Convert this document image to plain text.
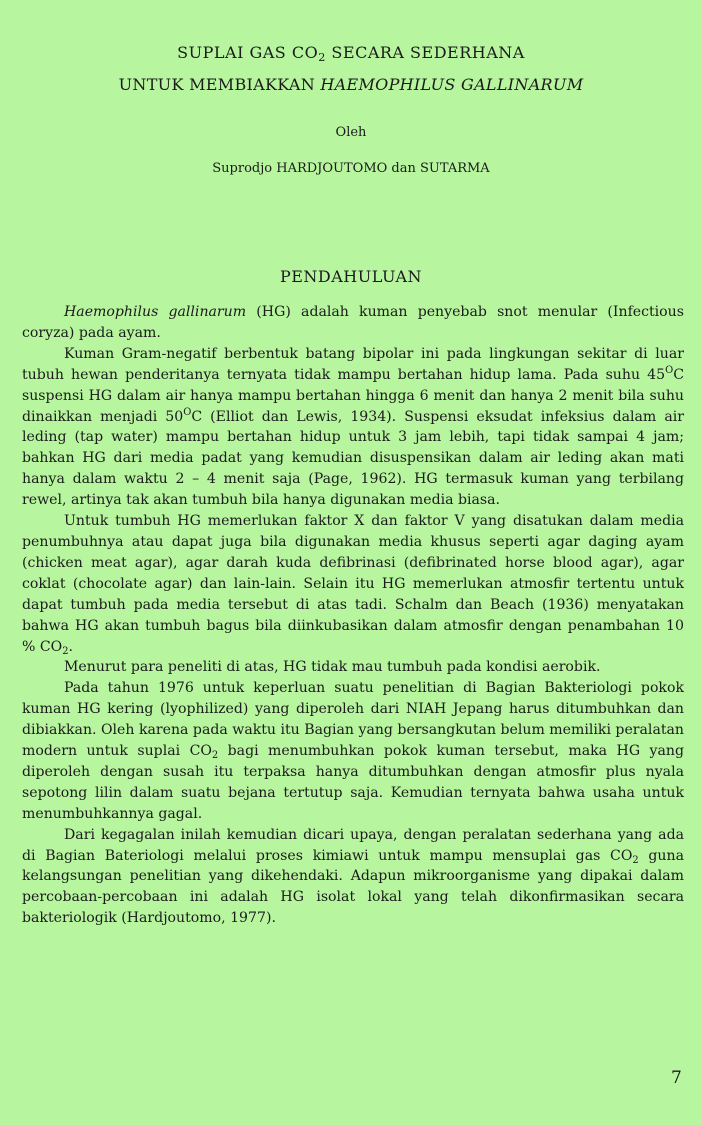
SUPLAI GAS $CO_2$ SECARA SEDERHANA
UNTUK MEMBIAKKAN HAEMOPHILUS GALLINARUM
Oleh
Suprodjo HARDJOUTOMO dan SUTARMA
PENDAHULUAN

Haemophilus gallinarum (HG) adalah kuman penyebab snot menular (Infectious coryza) pada ayam.

Kuman Gram-negatif berbentuk batang bipolar ini pada lingkungan sekitar di luar tubuh hewan penderitanya ternyata tidak mampu bertahan hidup lama. Pada suhu $45^OC$ suspensi HG dalam air hanya mampu bertahan hingga 6 menit dan hanya 2 menit bila suhu dinaikkan menjadi $50^OC$ (Elliot dan Lewis, 1934). Suspensi eksudat infeksius dalam air leding (tap water) mampu bertahan hidup untuk 3 jam lebih, tapi tidak sampai 4 jam; bahkan HG dari media padat yang kemudian disuspensikan dalam air leding akan mati hanya dalam waktu 2 – 4 menit saja (Page, 1962). HG termasuk kuman yang terbilang rewel, artinya tak akan tumbuh bila hanya digunakan media biasa.

Untuk tumbuh HG memerlukan faktor X dan faktor V yang disatukan dalam media penumbuhnya atau dapat juga bila digunakan media khusus seperti agar daging ayam (chicken meat agar), agar darah kuda defibrinasi (defibrinated horse blood agar), agar coklat (chocolate agar) dan lain-lain. Selain itu HG memerlukan atmosfir tertentu untuk dapat tumbuh pada media tersebut di atas tadi. Schalm dan Beach (1936) menyatakan bahwa HG akan tumbuh bagus bila diinkubasikan dalam atmosfir dengan penambahan 10 % $CO_2$.

Menurut para peneliti di atas, HG tidak mau tumbuh pada kondisi aerobik.

Pada tahun 1976 untuk keperluan suatu penelitian di Bagian Bakteriologi pokok kuman HG kering (lyophilized) yang diperoleh dari NIAH Jepang harus ditumbuhkan dan dibiakkan. Oleh karena pada waktu itu Bagian yang bersangkutan belum memiliki peralatan modern untuk suplai $CO_2$ bagi menumbuhkan pokok kuman tersebut, maka HG yang diperoleh dengan susah itu terpaksa hanya ditumbuhkan dengan atmosfir plus nyala sepotong lilin dalam suatu bejana tertutup saja. Kemudian ternyata bahwa usaha untuk menumbuhkannya gagal.

Dari kegagalan inilah kemudian dicari upaya, dengan peralatan sederhana yang ada di Bagian Bateriologi melalui proses kimiawi untuk mampu mensuplai gas $CO_2$ guna kelangsungan penelitian yang dikehendaki. Adapun mikroorganisme yang dipakai dalam percobaan-percobaan ini adalah HG isolat lokal yang telah dikonfirmasikan secara bakteriologik (Hardjoutomo, 1977).

7
